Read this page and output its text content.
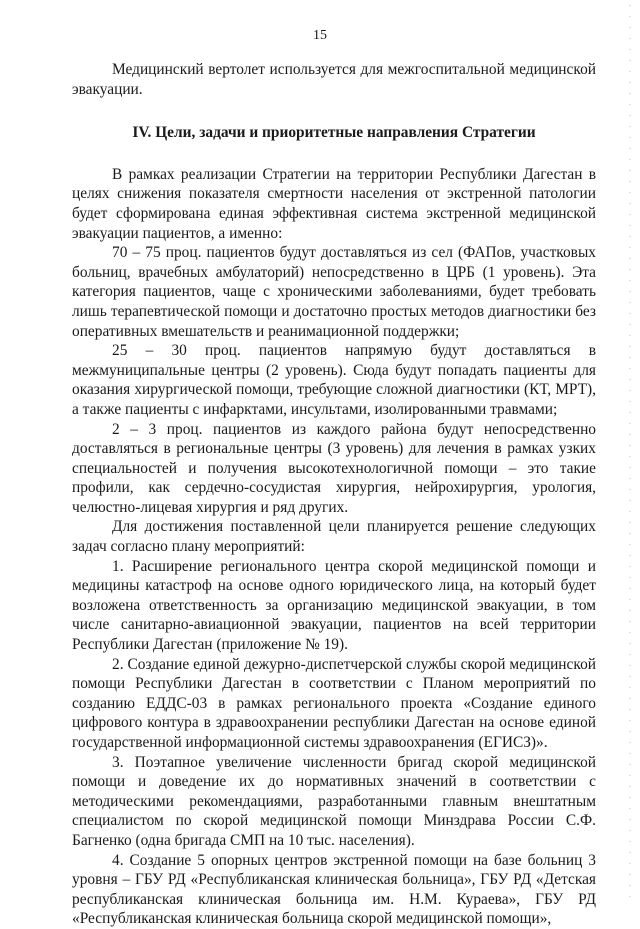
15

Медицинский вертолет используется для межгоспитальной медицинской эвакуации.

IV. Цели, задачи и приоритетные направления Стратегии

В рамках реализации Стратегии на территории Республики Дагестан в целях снижения показателя смертности населения от экстренной патологии будет сформирована единая эффективная система экстренной медицинской эвакуации пациентов, а именно:

70 – 75 проц. пациентов будут доставляться из сел (ФАПов, участковых больниц, врачебных амбулаторий) непосредственно в ЦРБ (1 уровень). Эта категория пациентов, чаще с хроническими заболеваниями, будет требовать лишь терапевтической помощи и достаточно простых методов диагностики без оперативных вмешательств и реанимационной поддержки;

25 – 30 проц. пациентов напрямую будут доставляться в межмуниципальные центры (2 уровень). Сюда будут попадать пациенты для оказания хирургической помощи, требующие сложной диагностики (КТ, МРТ), а также пациенты с инфарктами, инсультами, изолированными травмами;

2 – 3 проц. пациентов из каждого района будут непосредственно доставляться в региональные центры (3 уровень) для лечения в рамках узких специальностей и получения высокотехнологичной помощи – это такие профили, как сердечно-сосудистая хирургия, нейрохирургия, урология, челюстно-лицевая хирургия и ряд других.

Для достижения поставленной цели планируется решение следующих задач согласно плану мероприятий:

1. Расширение регионального центра скорой медицинской помощи и медицины катастроф на основе одного юридического лица, на который будет возложена ответственность за организацию медицинской эвакуации, в том числе санитарно-авиационной эвакуации, пациентов на всей территории Республики Дагестан (приложение № 19).

2. Создание единой дежурно-диспетчерской службы скорой медицинской помощи Республики Дагестан в соответствии с Планом мероприятий по созданию ЕДДС-03 в рамках регионального проекта «Создание единого цифрового контура в здравоохранении республики Дагестан на основе единой государственной информационной системы здравоохранения (ЕГИСЗ)».

3. Поэтапное увеличение численности бригад скорой медицинской помощи и доведение их до нормативных значений в соответствии с методическими рекомендациями, разработанными главным внештатным специалистом по скорой медицинской помощи Минздрава России С.Ф. Багненко (одна бригада СМП на 10 тыс. населения).

4. Создание 5 опорных центров экстренной помощи на базе больниц 3 уровня – ГБУ РД «Республиканская клиническая больница», ГБУ РД «Детская республиканская клиническая больница им. Н.М. Кураева», ГБУ РД «Республиканская клиническая больница скорой медицинской помощи»,
